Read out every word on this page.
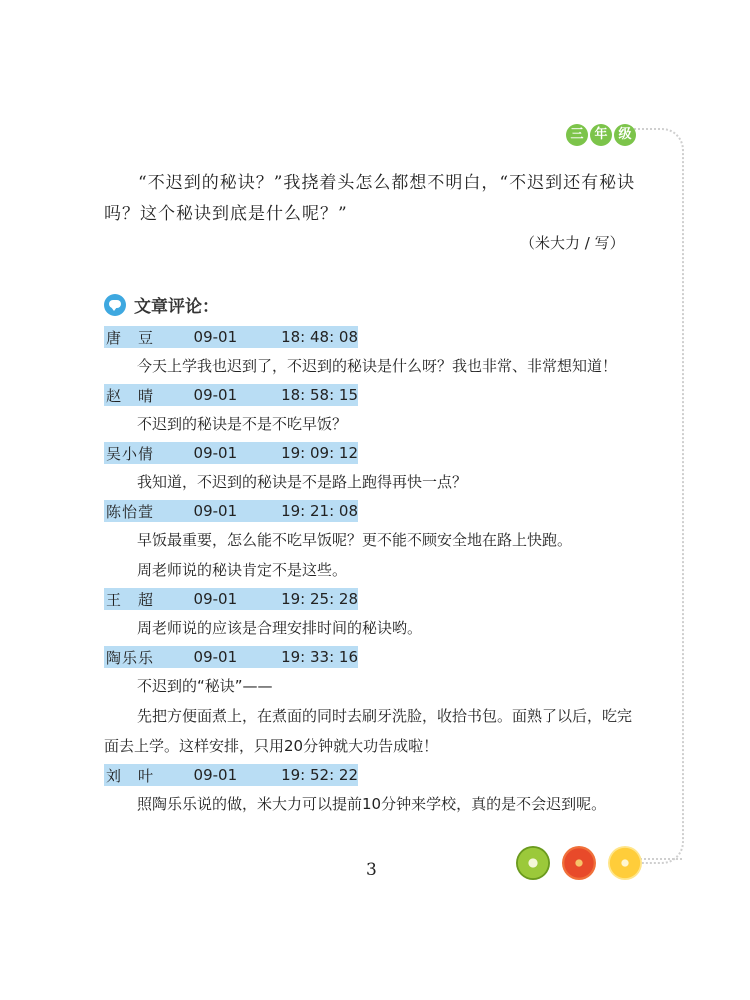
三 年 级
“不迟到的秘诀？”我挠着头怎么都想不明白，“不迟到还有秘诀
吗？这个秘诀到底是什么呢？”
（米大力 / 写）
文章评论：
唐　豆	09-01	18: 48: 08
今天上学我也迟到了，不迟到的秘诀是什么呀？我也非常、非常想知道！
赵　晴	09-01	18: 58: 15
不迟到的秘诀是不是不吃早饭？
吴小倩	09-01	19: 09: 12
我知道，不迟到的秘诀是不是路上跑得再快一点？
陈怡萱	09-01	19: 21: 08
早饭最重要，怎么能不吃早饭呢？更不能不顾安全地在路上快跑。
周老师说的秘诀肯定不是这些。
王　超	09-01	19: 25: 28
周老师说的应该是合理安排时间的秘诀哟。
陶乐乐	09-01	19: 33: 16
不迟到的“秘诀”——
先把方便面煮上，在煮面的同时去刷牙洗脸，收拾书包。面熟了以后，吃完
面去上学。这样安排，只用20分钟就大功告成啦！
刘　叶	09-01	19: 52: 22
照陶乐乐说的做，米大力可以提前10分钟来学校，真的是不会迟到呢。
3
